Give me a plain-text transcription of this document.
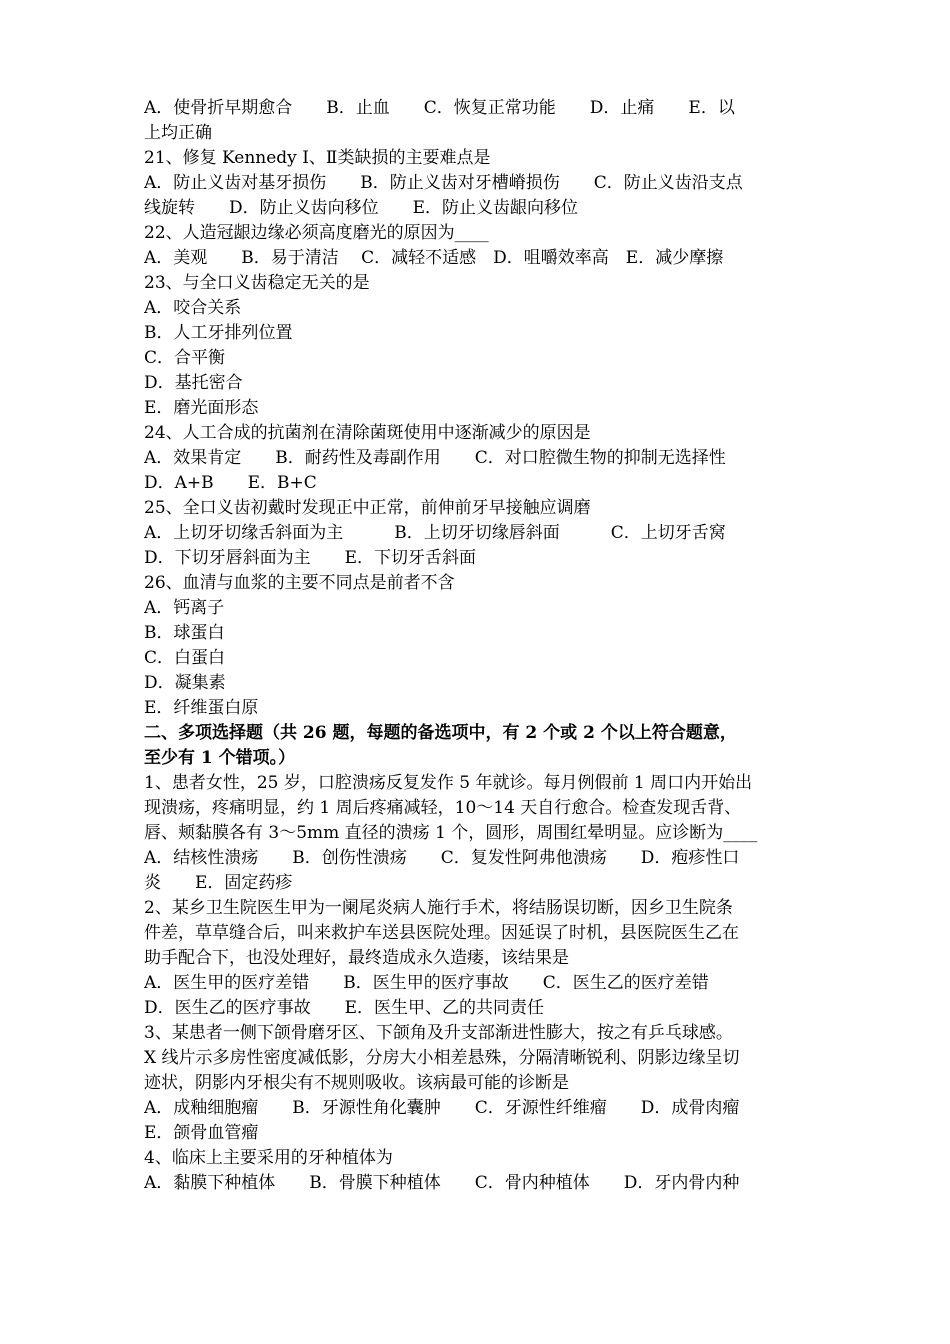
A．使骨折早期愈合　　B．止血　　C．恢复正常功能　　D．止痛　　E．以
上均正确
21、修复 Kennedy Ⅰ、Ⅱ类缺损的主要难点是
A．防止义齿对基牙损伤　　B．防止义齿对牙槽嵴损伤　　C．防止义齿沿支点
线旋转　　D．防止义齿向移位　　E．防止义齿龈向移位
22、人造冠龈边缘必须高度磨光的原因为____
A．美观　　B．易于清洁　 C．减轻不适感　D．咀嚼效率高　E．减少摩擦
23、与全口义齿稳定无关的是
A．咬合关系
B．人工牙排列位置
C．合平衡
D．基托密合
E．磨光面形态
24、人工合成的抗菌剂在清除菌斑使用中逐渐减少的原因是
A．效果肯定　　B．耐药性及毒副作用　　C．对口腔微生物的抑制无选择性
D．A+B　　E．B+C
25、全口义齿初戴时发现正中正常，前伸前牙早接触应调磨
A．上切牙切缘舌斜面为主　　　B．上切牙切缘唇斜面　　　C．上切牙舌窝
D．下切牙唇斜面为主　　E．下切牙舌斜面
26、血清与血浆的主要不同点是前者不含
A．钙离子
B．球蛋白
C．白蛋白
D．凝集素
E．纤维蛋白原
二、多项选择题（共 26 题，每题的备选项中，有 2 个或 2 个以上符合题意，
至少有 1 个错项。）
1、患者女性，25 岁，口腔溃疡反复发作 5 年就诊。每月例假前 1 周口内开始出
现溃疡，疼痛明显，约 1 周后疼痛减轻，10～14 天自行愈合。检查发现舌背、
唇、颊黏膜各有 3～5mm 直径的溃疡 1 个，圆形，周围红晕明显。应诊断为____
A．结核性溃疡　　B．创伤性溃疡　　C．复发性阿弗他溃疡　　D．疱疹性口
炎　　E．固定药疹
2、某乡卫生院医生甲为一阑尾炎病人施行手术，将结肠误切断，因乡卫生院条
件差，草草缝合后，叫来救护车送县医院处理。因延误了时机，县医院医生乙在
助手配合下，也没处理好，最终造成永久造瘘，该结果是
A．医生甲的医疗差错　　B．医生甲的医疗事故　　C．医生乙的医疗差错
D．医生乙的医疗事故　　E．医生甲、乙的共同责任
3、某患者一侧下颌骨磨牙区、下颌角及升支部渐进性膨大，按之有乒乓球感。
X 线片示多房性密度减低影，分房大小相差悬殊，分隔清晰锐利、阴影边缘呈切
迹状，阴影内牙根尖有不规则吸收。该病最可能的诊断是
A．成釉细胞瘤　　B．牙源性角化囊肿　　C．牙源性纤维瘤　　D．成骨肉瘤
E．颌骨血管瘤
4、临床上主要采用的牙种植体为
A．黏膜下种植体　　B．骨膜下种植体　　C．骨内种植体　　D．牙内骨内种
